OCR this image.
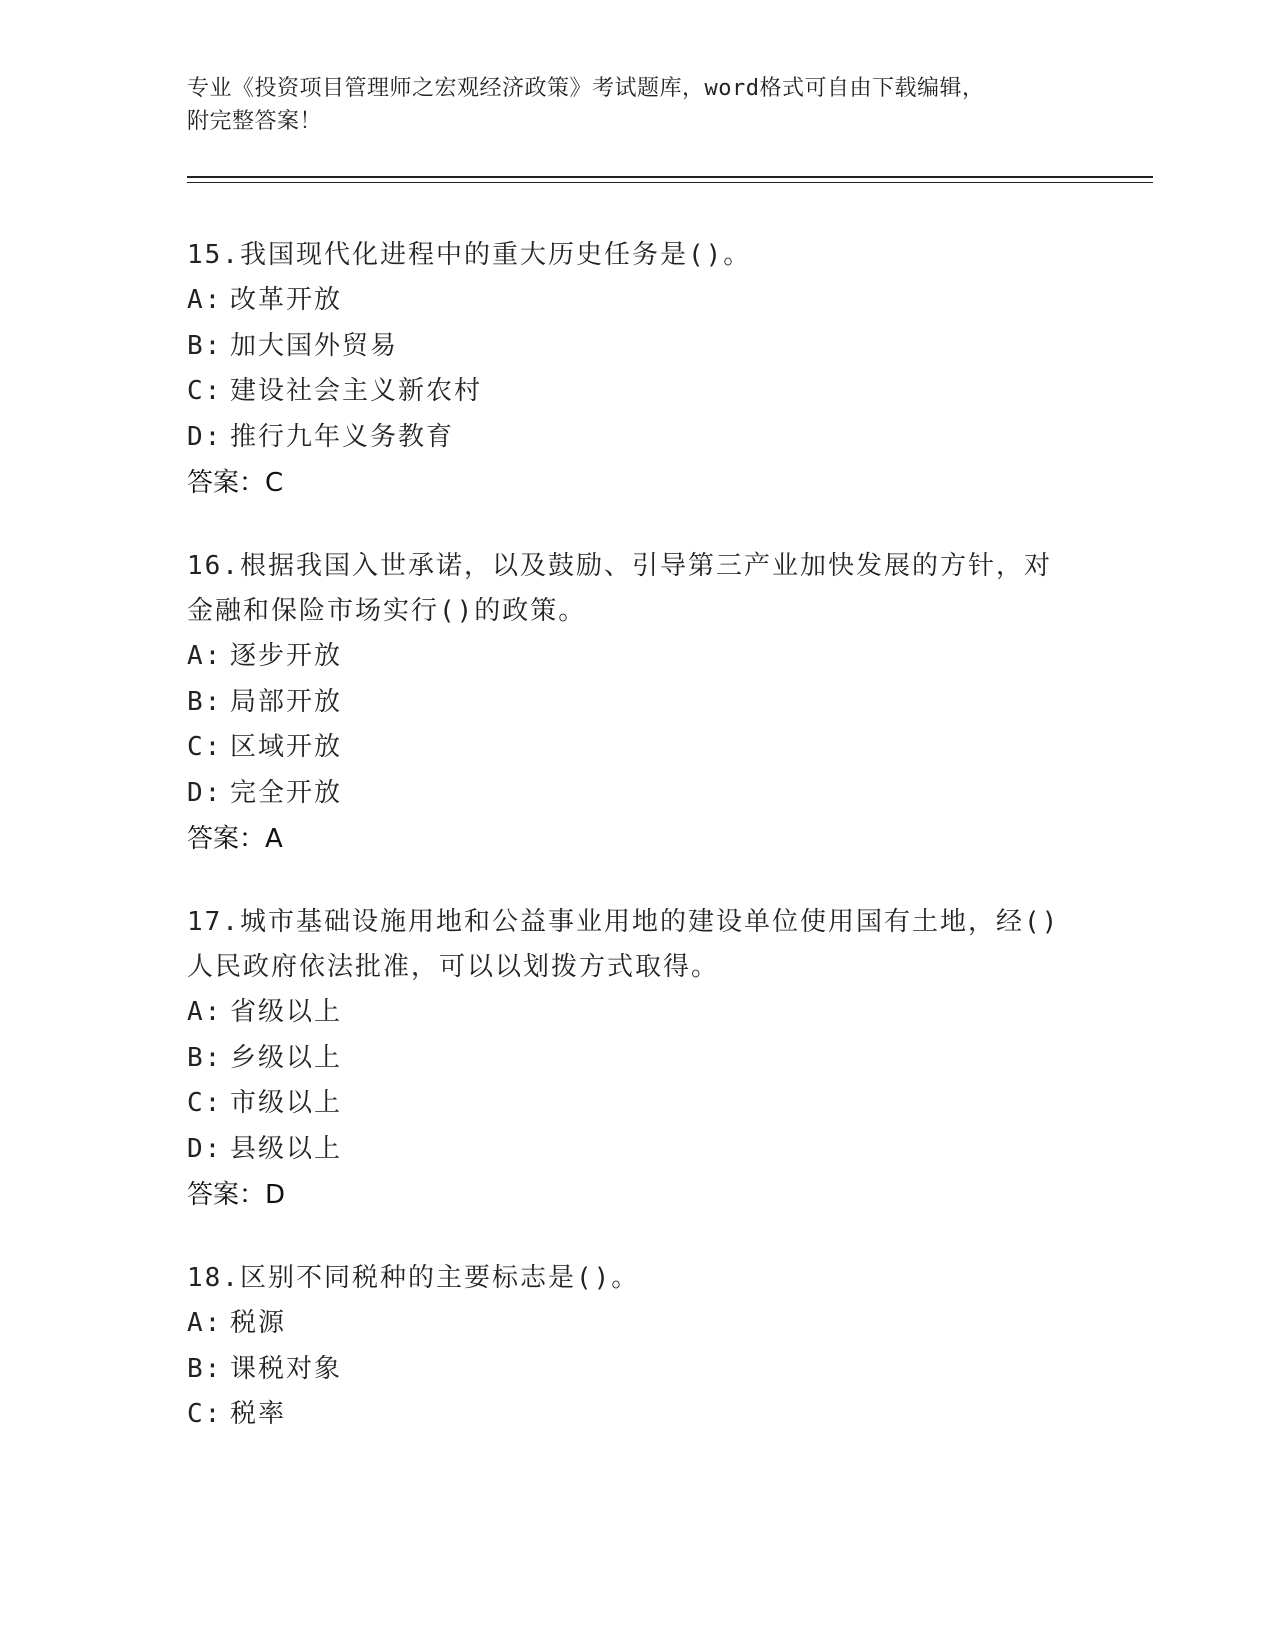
专业《投资项目管理师之宏观经济政策》考试题库，word格式可自由下载编辑，
附完整答案！
15.我国现代化进程中的重大历史任务是()。
A: 改革开放
B: 加大国外贸易
C: 建设社会主义新农村
D: 推行九年义务教育
答案：C
16.根据我国入世承诺，以及鼓励、引导第三产业加快发展的方针，对
金融和保险市场实行()的政策。
A: 逐步开放
B: 局部开放
C: 区域开放
D: 完全开放
答案：A
17.城市基础设施用地和公益事业用地的建设单位使用国有土地，经()
人民政府依法批准，可以以划拨方式取得。
A: 省级以上
B: 乡级以上
C: 市级以上
D: 县级以上
答案：D
18.区别不同税种的主要标志是()。
A: 税源
B: 课税对象
C: 税率
